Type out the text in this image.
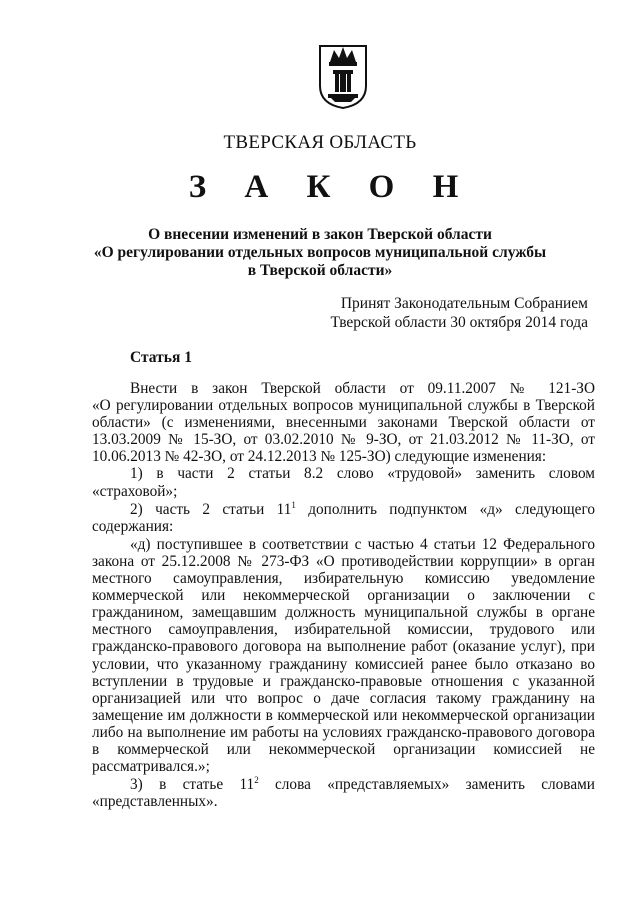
ТВЕРСКАЯ ОБЛАСТЬ
З А К О Н
О внесении изменений в закон Тверской области
«О регулировании отдельных вопросов муниципальной службы
в Тверской области»
Принят Законодательным Собранием
Тверской области 30 октября 2014 года
Статья 1
Внести в закон Тверской области от 09.11.2007 № 121-ЗО
«О регулировании отдельных вопросов муниципальной службы в Тверской
области» (с изменениями, внесенными законами Тверской области от
13.03.2009 № 15-ЗО, от 03.02.2010 № 9-ЗО, от 21.03.2012 № 11-ЗО, от
10.06.2013 № 42-ЗО, от 24.12.2013 № 125-ЗО) следующие изменения:
1) в части 2 статьи 8.2 слово «трудовой» заменить словом
«страховой»;
2) часть 2 статьи $11^1$ дополнить подпунктом «д» следующего
содержания:
«д) поступившее в соответствии с частью 4 статьи 12 Федерального
закона от 25.12.2008 № 273-ФЗ «О противодействии коррупции» в орган
местного самоуправления, избирательную комиссию уведомление
коммерческой или некоммерческой организации о заключении с
гражданином, замещавшим должность муниципальной службы в органе
местного самоуправления, избирательной комиссии, трудового или
гражданско-правового договора на выполнение работ (оказание услуг), при
условии, что указанному гражданину комиссией ранее было отказано во
вступлении в трудовые и гражданско-правовые отношения с указанной
организацией или что вопрос о даче согласия такому гражданину на
замещение им должности в коммерческой или некоммерческой организации
либо на выполнение им работы на условиях гражданско-правового договора
в коммерческой или некоммерческой организации комиссией не
рассматривался.»;
3) в статье $11^2$ слова «представляемых» заменить словами
«представленных».
